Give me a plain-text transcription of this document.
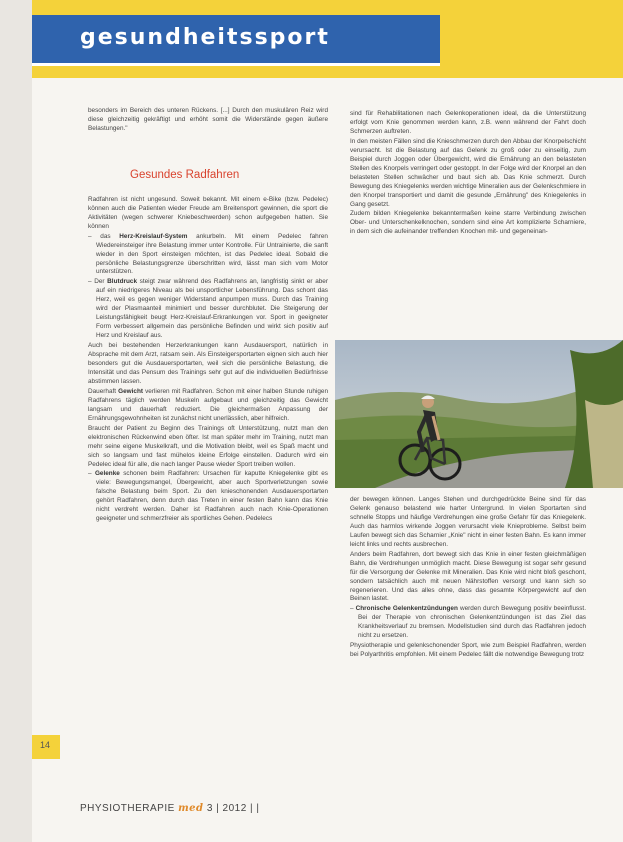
gesundheitssport

besonders im Bereich des unteren Rückens. [...] Durch den muskulären Reiz wird diese gleichzeitig gekräftigt und erhöht somit die Widerstände gegen äußere Belastungen."

Gesundes Radfahren

Radfahren ist nicht ungesund. Soweit bekannt. Mit einem e-Bike (bzw. Pedelec) können auch die Patienten wieder Freude am Breitensport gewinnen, die sport die Aktivitäten (wegen schwerer Kniebeschwerden) schon aufgegeben hatten. Sie können

– das Herz-Kreislauf-System ankurbeln. Mit einem Pedelec fahren Wiedereinsteiger ihre Belastung immer unter Kontrolle. Für Untrainierte, die sanft wieder in den Sport einsteigen möchten, ist das Pedelec ideal. Sobald die persönliche Belastungsgrenze überschritten wird, lässt man sich vom Motor unterstützen.

– Der Blutdruck steigt zwar während des Radfahrens an, langfristig sinkt er aber auf ein niedrigeres Niveau als bei unsportlicher Lebensführung. Das schont das Herz, weil es gegen weniger Widerstand anpumpen muss. Durch das Training wird der Plasmaanteil minimiert und besser durchblutet. Die Steigerung der Leistungsfähigkeit beugt Herz-Kreislauf-Erkrankungen vor. Sport in geeigneter Form verbessert allgemein das persönliche Befinden und wirkt sich positiv auf Herz und Kreislauf aus.

Auch bei bestehenden Herzerkrankungen kann Ausdauersport, natürlich in Absprache mit dem Arzt, ratsam sein. Als Einsteigersportarten eignen sich auch hier besonders gut die Ausdauersportarten, weil sich die persönliche Belastung, die Intensität und das Pensum des Trainings sehr gut auf die individuellen Bedürfnisse abstimmen lassen.

Dauerhaft Gewicht verlieren mit Radfahren. Schon mit einer halben Stunde ruhigen Radfahrens täglich werden Muskeln aufgebaut und gleichzeitig das Gewicht langsam und dauerhaft reduziert. Die gleichermaßen Anpassung der Ernährungsgewohnheiten ist zunächst nicht unerlässlich, aber hilfreich.

Braucht der Patient zu Beginn des Trainings oft Unterstützung, nutzt man den elektronischen Rückenwind eben öfter. Ist man später mehr im Training, nutzt man mehr seine eigene Muskelkraft, und die Motivation bleibt, weil es Spaß macht und sich so langsam und fast mühelos kleine Erfolge einstellen. Dadurch wird ein Pedelec ideal für alle, die nach langer Pause wieder Sport treiben wollen.

– Gelenke schonen beim Radfahren: Ursachen für kaputte Kniegelenke gibt es viele: Bewegungsmangel, Übergewicht, aber auch Sportverletzungen sowie falsche Belastung beim Sport. Zu den knieschonenden Ausdauersportarten gehört Radfahren, denn durch das Treten in einer festen Bahn kann das Knie nicht verdreht werden. Daher ist Radfahren auch nach Knie-Operationen geeigneter und schmerzfreier als sportliches Gehen. Pedelecs

sind für Rehabilitationen nach Gelenkoperationen ideal, da die Unterstützung erfolgt vom Knie genommen werden kann, z.B. wenn während der Fahrt doch Schmerzen auftreten.

In den meisten Fällen sind die Knieschmerzen durch den Abbau der Knorpelschicht verursacht. Ist die Belastung auf das Gelenk zu groß oder zu einseitig, zum Beispiel durch Joggen oder Übergewicht, wird die Ernährung an den belasteten Stellen des Knorpels verringert oder gestoppt. In der Folge wird der Knorpel an den belasteten Stellen schwächer und baut sich ab. Das Knie schmerzt. Durch Bewegung des Kniegelenks werden wichtige Mineralien aus der Gelenkschmiere in den Knorpel transportiert und damit die gesunde „Ernährung" des Kniegelenks in Gang gesetzt.

Zudem bilden Kniegelenke bekanntermaßen keine starre Verbindung zwischen Ober- und Unterschenkelknochen, sondern sind eine Art komplizierte Scharniere, in dem sich die aufeinander treffenden Knochen mit- und gegeneinan-

der bewegen können. Langes Stehen und durchgedrückte Beine sind für das Gelenk genauso belastend wie harter Untergrund. In vielen Sportarten sind schnelle Stopps und häufige Verdrehungen eine große Gefahr für das Kniegelenk. Auch das harmlos wirkende Joggen verursacht viele Knieprobleme. Selbst beim Laufen bewegt sich das Scharnier „Knie" nicht in einer festen Bahn. Es kann immer leicht links und rechts ausbrechen.

Anders beim Radfahren, dort bewegt sich das Knie in einer festen gleichmäßigen Bahn, die Verdrehungen unmöglich macht. Diese Bewegung ist sogar sehr gesund für die Versorgung der Gelenke mit Mineralien. Das Knie wird nicht bloß geschont, sondern tatsächlich auch mit neuen Nährstoffen versorgt und kann sich so regenerieren. Und das alles ohne, dass das gesamte Körpergewicht auf den Beinen lastet.

– Chronische Gelenkentzündungen werden durch Bewegung positiv beeinflusst. Bei der Therapie von chronischen Gelenkentzündungen ist das Ziel das Krankheitsverlauf zu bremsen. Modellstudien sind durch das Radfahren jedoch nicht zu ersetzen.

Physiotherapie und gelenkschonender Sport, wie zum Beispiel Radfahren, werden bei Polyarthritis empfohlen. Mit einem Pedelec fällt die notwendige Bewegung trotz

14
PHYSIOTHERAPIE med 3 | 2012 | |
